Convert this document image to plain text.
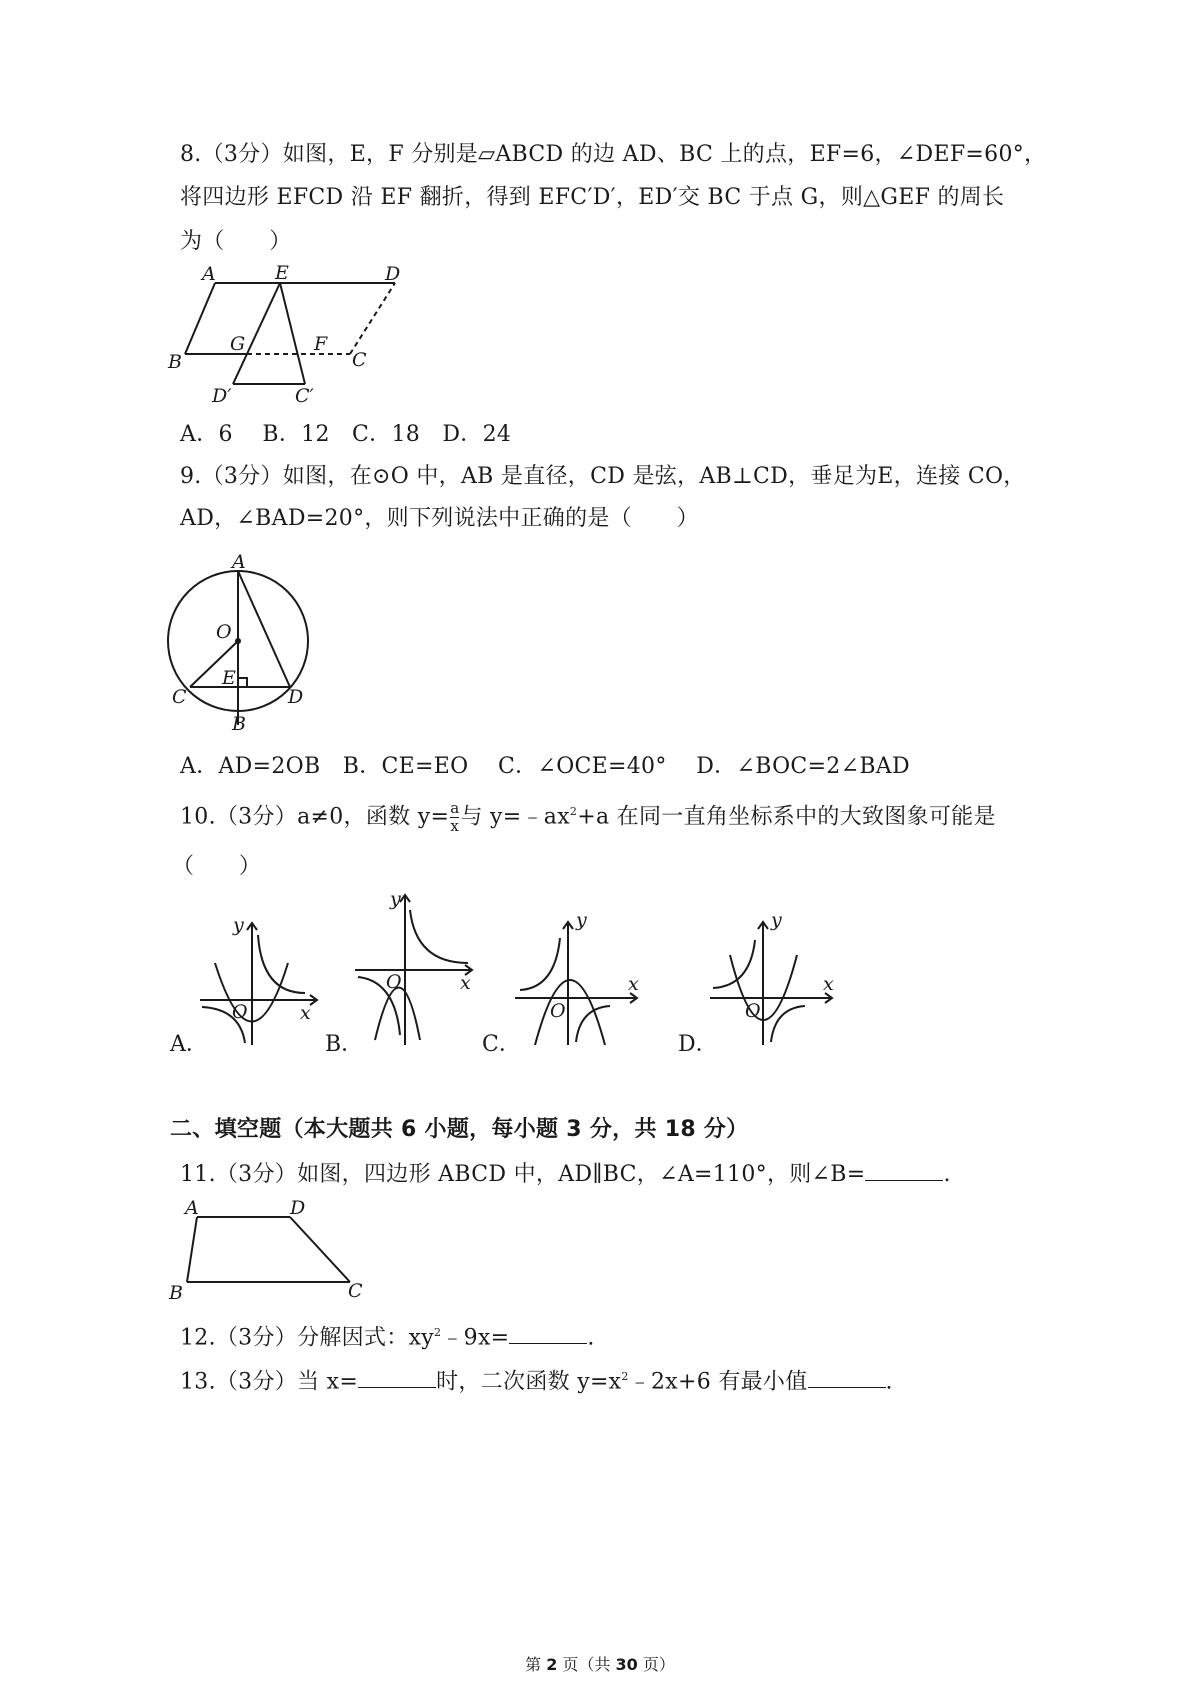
8.（3分）如图，E，F 分别是▱ABCD 的边 AD、BC 上的点，EF=6，∠DEF=60°，
将四边形 EFCD 沿 EF 翻折，得到 EFC′D′，ED′交 BC 于点 G，则△GEF 的周长
为（　　）
A	E	D
B
G	F
C
D′	C′
A．6　 B．12　C．18　D．24
9.（3分）如图，在⊙O 中，AB 是直径，CD 是弦，AB⊥CD，垂足为E，连接 CO，
AD，∠BAD=20°，则下列说法中正确的是（　　）
A
O
E
C	D
B
A．AD=2OB　B．CE=EO　 C．∠OCE=40°　 D．∠BOC=2∠BAD
10.（3分）a≠0，函数 $y= \frac{a}{x}$ 与 $y=﹣ax^2+a$ 在同一直角坐标系中的大致图象可能是
（　　）
y
x
O
A．
y
x
O
B．
y
x
O
C．
y
x
O
D．
二、填空题（本大题共 6 小题，每小题 3 分，共 18 分）
11.（3分）如图，四边形 ABCD 中，AD∥BC，∠A=110°，则∠B=	.
A	D
B	C
12.（3分）分解因式：$xy^2﹣9x=$	.
13.（3分）当 x=	时，二次函数 $y=x^2﹣2x+6$ 有最小值	.
第 2 页（共 30 页）
